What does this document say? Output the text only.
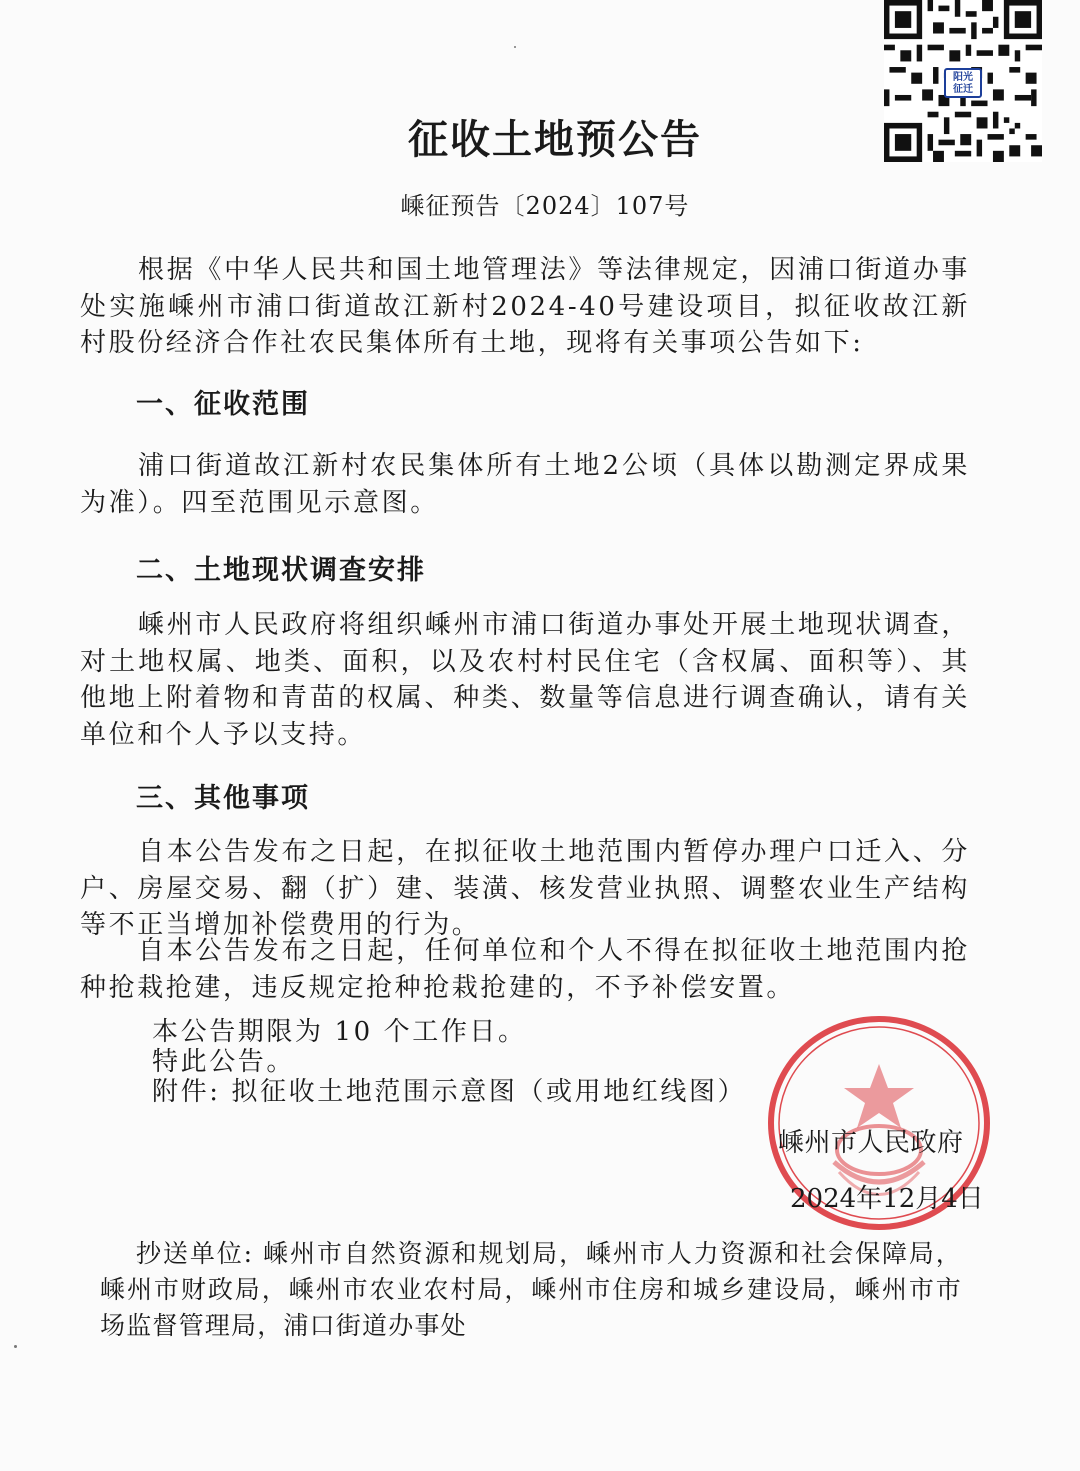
阳光
征迁
征收土地预公告
嵊征预告〔2024〕107号

根据《中华人民共和国土地管理法》等法律规定，因浦口街道办事处实施嵊州市浦口街道故江新村2024-40号建设项目，拟征收故江新村股份经济合作社农民集体所有土地，现将有关事项公告如下:

一、征收范围

浦口街道故江新村农民集体所有土地2公顷（具体以勘测定界成果为准）。四至范围见示意图。

二、土地现状调查安排

嵊州市人民政府将组织嵊州市浦口街道办事处开展土地现状调查，对土地权属、地类、面积，以及农村村民住宅（含权属、面积等）、其他地上附着物和青苗的权属、种类、数量等信息进行调查确认，请有关单位和个人予以支持。

三、其他事项

自本公告发布之日起，在拟征收土地范围内暂停办理户口迁入、分户、房屋交易、翻（扩）建、装潢、核发营业执照、调整农业生产结构等不正当增加补偿费用的行为。

自本公告发布之日起，任何单位和个人不得在拟征收土地范围内抢种抢栽抢建，违反规定抢种抢栽抢建的，不予补偿安置。

本公告期限为 10 个工作日。
特此公告。
附件: 拟征收土地范围示意图（或用地红线图）
嵊州市人民政府
2024年12月4日

抄送单位: 嵊州市自然资源和规划局，嵊州市人力资源和社会保障局，嵊州市财政局，嵊州市农业农村局，嵊州市住房和城乡建设局，嵊州市市场监督管理局，浦口街道办事处
